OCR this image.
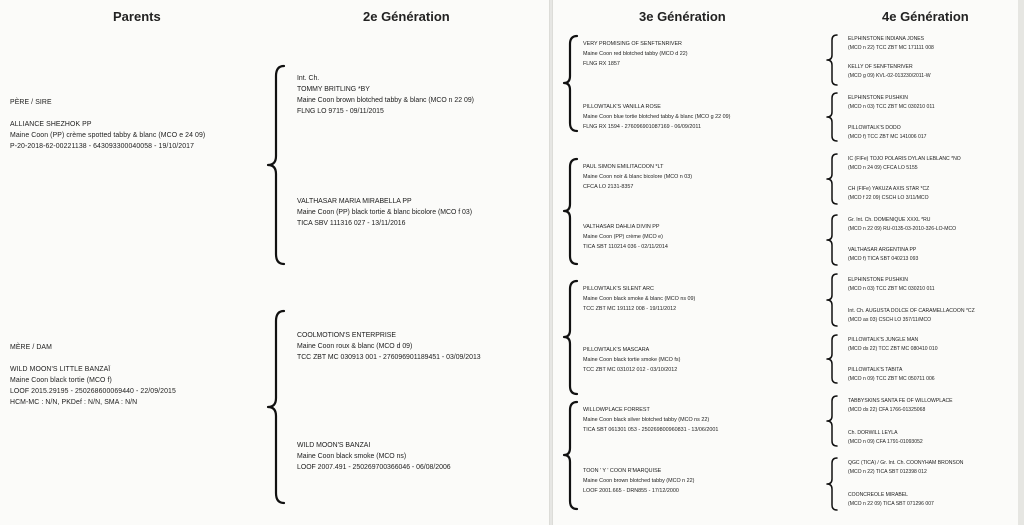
Parents	2e Génération
PÈRE / SIRE
ALLIANCE SHEZHOK PP
Maine Coon (PP) crème spotted tabby & blanc (MCO e 24 09)
P-20-2018-62-00221138 - 643093300040058 - 19/10/2017
MÈRE / DAM
WILD MOON'S LITTLE BANZAÏ
Maine Coon black tortie (MCO f)
LOOF 2015.29195 - 250268600069440 - 22/09/2015
HCM-MC : N/N, PKDef : N/N, SMA : N/N
Int. Ch.
TOMMY BRITLING *BY
Maine Coon brown blotched tabby & blanc (MCO n 22 09)
FLNG LO 9715 - 09/11/2015
VALTHASAR MARIA MIRABELLA PP
Maine Coon (PP) black tortie & blanc bicolore (MCO f 03)
TICA SBV 111316 027 - 13/11/2016
COOLMOTION'S ENTERPRISE
Maine Coon roux & blanc (MCO d 09)
TCC ZBT MC 030913 001 - 276096901189451 - 03/09/2013
WILD MOON'S BANZAI
Maine Coon black smoke (MCO ns)
LOOF 2007.491 - 250269700366046 - 06/08/2006
3e Génération	4e Génération
VERY PROMISING OF SENFTENRIVER
Maine Coon red blotched tabby (MCO d 22)
FLNG RX 1857
PILLOWTALK'S VANILLA ROSE
Maine Coon blue tortie blotched tabby & blanc (MCO g 22 09)
FLNG RX 1594 - 276096901087169 - 06/09/2011
PAUL SIMON EMILITACOON *LT
Maine Coon noir & blanc bicolore (MCO n 03)
CFCA LO 2131-8357
VALTHASAR DAHLIA DIVIN PP
Maine Coon (PP) crème (MCO e)
TICA SBT 110214 036 - 02/11/2014
PILLOWTALK'S SILENT ARC
Maine Coon black smoke & blanc (MCO ns 09)
TCC ZBT MC 191112 008 - 19/11/2012
PILLOWTALK'S MASCARA
Maine Coon black tortie smoke (MCO fs)
TCC ZBT MC 031012 012 - 03/10/2012
WILLOWPLACE FORREST
Maine Coon black silver blotched tabby (MCO ns 22)
TICA SBT 061301 053 - 250269800960831 - 13/06/2001
TOON ' Y ' COON R'MARQUISE
Maine Coon brown blotched tabby (MCO n 22)
LOOF 2001.665 - DRN855 - 17/12/2000
ELPHINSTONE INDIANA JONES
(MCO n 22) TCC ZBT MC 171111 008
KELLY OF SENFTENRIVER
(MCO g 09) KVL-02-013230/2011-W
ELPHINSTONE PUSHKIN
(MCO n 03) TCC ZBT MC 030210 011
PILLOWTALK'S DODO
(MCO f) TCC ZBT MC 141006 017
IC (FIFe) TOJO POLARIS DYLAN LEBLANC *NO
(MCO n 24 09) CFCA LO 5155
CH (FIFe) YAKUZA AXIS STAR *CZ
(MCO f 22 09) CSCH LO 3/11/MCO
Gr. Int. Ch. DOMENIQUE XXXL *RU
(MCO n 22 09) RU-0135-03-2010-326-LO-MCO
VALTHASAR ARGENTINA PP
(MCO f) TICA SBT 040213 093
ELPHINSTONE PUSHKIN
(MCO n 03) TCC ZBT MC 030210 011
Int. Ch. AUGUSTA DOLCE OF CARAMELLACOON *CZ
(MCO as 03) CSCH LO 357/11/MCO
PILLOWTALK'S JUNGLE MAN
(MCO ds 22) TCC ZBT MC 080410 010
PILLOWTALK'S TABITA
(MCO n 09) TCC ZBT MC 050711 006
TABBYSKINS SANTA FE OF WILLOWPLACE
(MCO ds 22) CFA 1766-01325068
Ch. DORWILL LEYLA
(MCO n 09) CFA 1791-01093052
QGC (TICA) / Gr. Int. Ch. COONYHAM BRONSON
(MCO n 22) TICA SBT 012398 012
COONCREOLE MIRABEL
(MCO n 22 09) TICA SBT 071296 007
